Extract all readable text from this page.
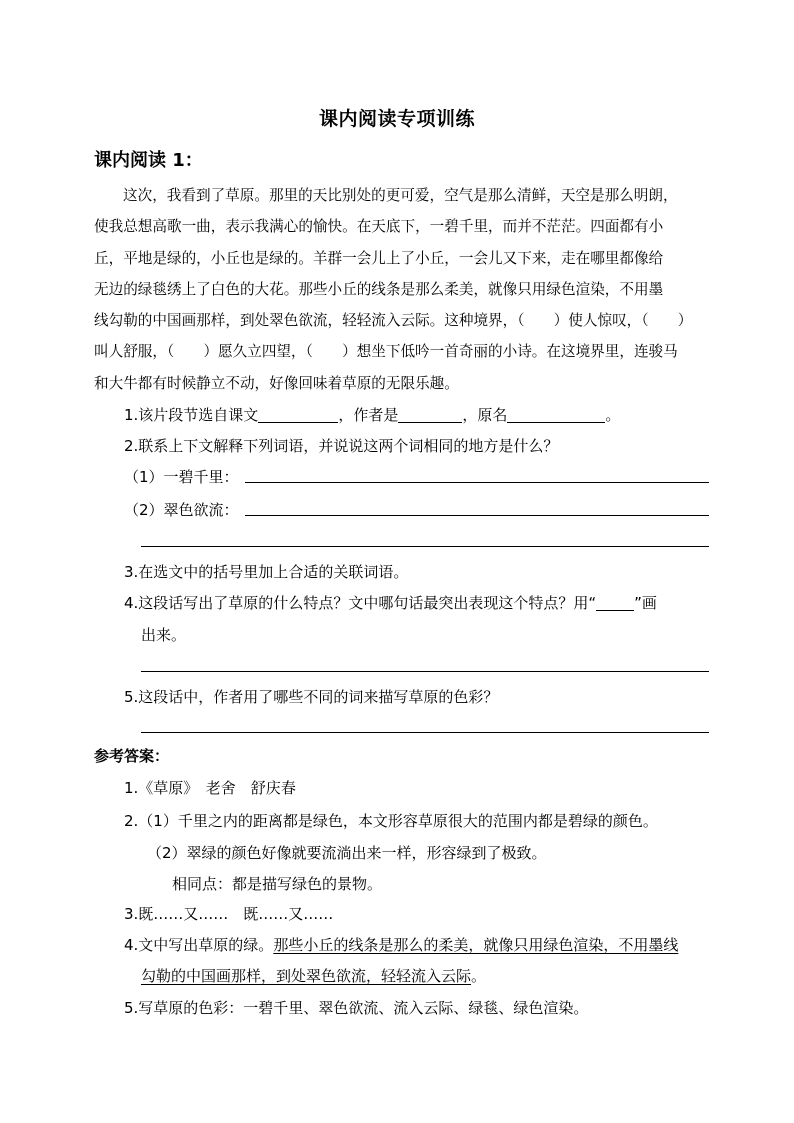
课内阅读专项训练
课内阅读 1：
这次，我看到了草原。那里的天比别处的更可爱，空气是那么清鲜，天空是那么明朗，
使我总想高歌一曲，表示我满心的愉快。在天底下，一碧千里，而并不茫茫。四面都有小
丘，平地是绿的，小丘也是绿的。羊群一会儿上了小丘，一会儿又下来，走在哪里都像给
无边的绿毯绣上了白色的大花。那些小丘的线条是那么柔美，就像只用绿色渲染，不用墨
线勾勒的中国画那样，到处翠色欲流，轻轻流入云际。这种境界，（　　）使人惊叹，（　　）
叫人舒服，（　　）愿久立四望，（　　）想坐下低吟一首奇丽的小诗。在这境界里，连骏马
和大牛都有时候静立不动，好像回味着草原的无限乐趣。
1.该片段节选自课文	，作者是	，原名	。
2.联系上下文解释下列词语，并说说这两个词相同的地方是什么？
（1）一碧千里：
（2）翠色欲流：
3.在选文中的括号里加上合适的关联词语。
4.这段话写出了草原的什么特点？文中哪句话最突出表现这个特点？用“	”画
出来。
5.这段话中，作者用了哪些不同的词来描写草原的色彩？
参考答案：
1.《草原》　老舍　舒庆春
2.（1）千里之内的距离都是绿色，本文形容草原很大的范围内都是碧绿的颜色。
（2）翠绿的颜色好像就要流淌出来一样，形容绿到了极致。
相同点：都是描写绿色的景物。
3.既……又……　既……又……
4.文中写出草原的绿。那些小丘的线条是那么的柔美，就像只用绿色渲染，不用墨线
勾勒的中国画那样，到处翠色欲流，轻轻流入云际。
5.写草原的色彩：一碧千里、翠色欲流、流入云际、绿毯、绿色渲染。
